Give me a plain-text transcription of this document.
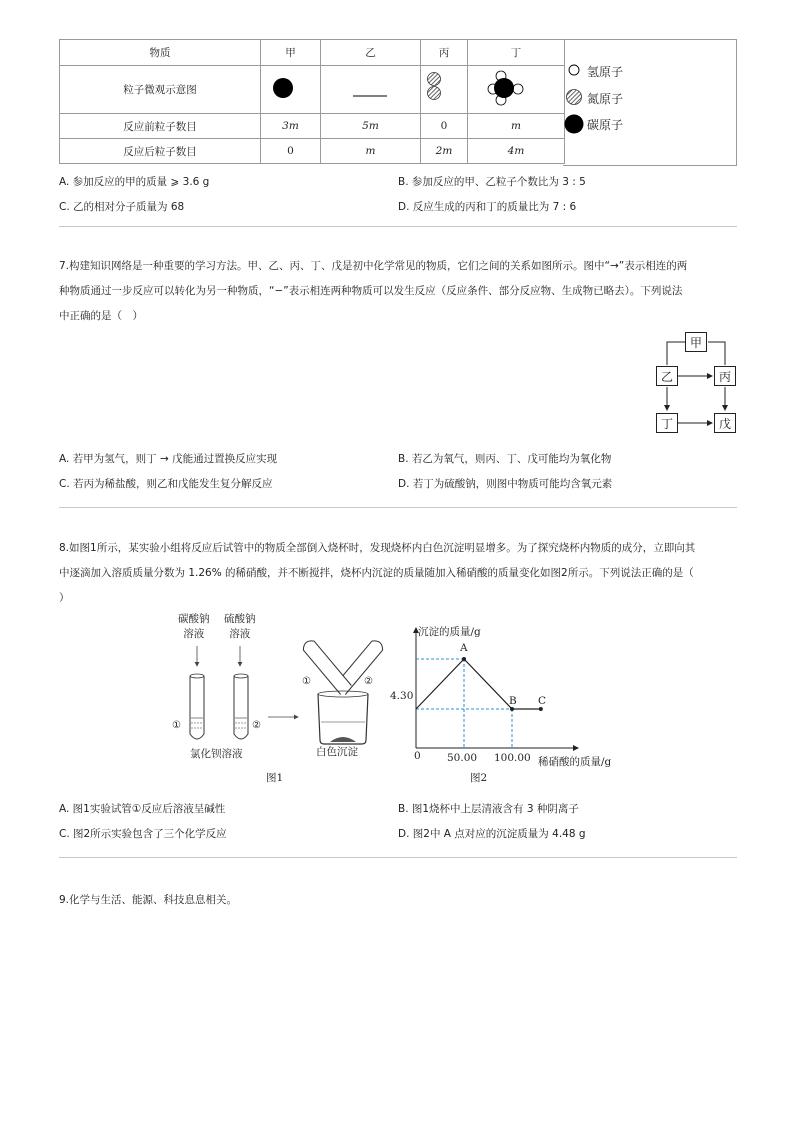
物质	甲	乙	丙	丁
粒子微观示意图				
反应前粒子数目	3m	5m	0	m
反应后粒子数目	0	m	2m	4m
氢原子
氮原子
碳原子
A. 参加反应的甲的质量 ⩾ 3.6 g	B. 参加反应的甲、乙粒子个数比为 3 : 5
C. 乙的相对分子质量为 68	D. 反应生成的丙和丁的质量比为 7 : 6
7.构建知识网络是一种重要的学习方法。甲、乙、丙、丁、戊是初中化学常见的物质，它们之间的关系如图所示。图中“→”表示相连的两
种物质通过一步反应可以转化为另一种物质，“−”表示相连两种物质可以发生反应（反应条件、部分反应物、生成物已略去）。下列说法
中正确的是（　）
甲
乙	丙
丁	戊
A. 若甲为氢气，则丁 → 戊能通过置换反应实现	B. 若乙为氧气，则丙、丁、戊可能均为氧化物
C. 若丙为稀盐酸，则乙和戊能发生复分解反应	D. 若丁为硫酸钠，则图中物质可能均含氧元素
8.如图1所示，某实验小组将反应后试管中的物质全部倒入烧杯时，发现烧杯内白色沉淀明显增多。为了探究烧杯内物质的成分，立即向其
中逐滴加入溶质质量分数为 1.26% 的稀硝酸，并不断搅拌，烧杯内沉淀的质量随加入稀硝酸的质量变化如图2所示。下列说法正确的是（
）
碳酸钠
溶液
硫酸钠
溶液
①	②
①	②
氯化钡溶液	白色沉淀
图1
沉淀的质量/g
稀硝酸的质量/g
0
4.30
50.00 100.00
A
B C
图2
A. 图1实验试管①反应后溶液呈碱性	B. 图1烧杯中上层清液含有 3 种阴离子
C. 图2所示实验包含了三个化学反应	D. 图2中 A 点对应的沉淀质量为 4.48 g
9.化学与生活、能源、科技息息相关。
